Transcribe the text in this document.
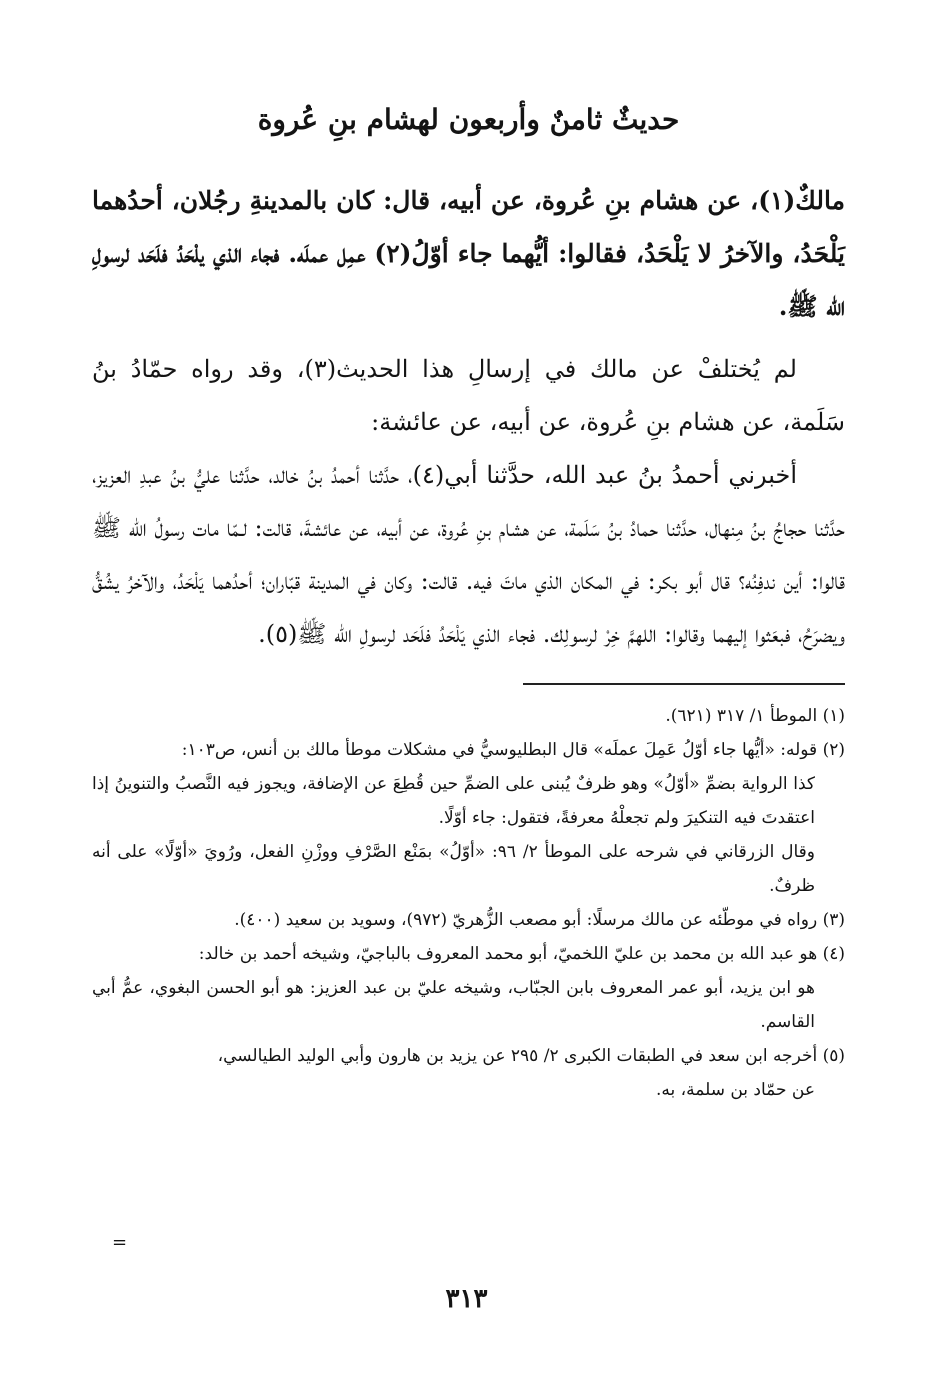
حديثٌ ثامنٌ وأربعون لهشام بنِ عُروة

مالكٌ(١)، عن هشام بنِ عُروة، عن أبيه، قال: كان بالمدينةِ رجُلان، أحدُهما يَلْحَدُ، والآخرُ لا يَلْحَدُ، فقالوا: أيُّهما جاء أوّلُ(٢) عمِل عملَه. فجاء الذي يلْحَدُ فلَحَد لرسولِ الله ﷺ.

لم يُختلفْ عن مالك في إرسالِ هذا الحديث(٣)، وقد رواه حمّادُ بنُ سَلَمة، عن هشام بنِ عُروة، عن أبيه، عن عائشة:

أخبرني أحمدُ بنُ عبد الله، حدَّثنا أبي(٤)، حدَّثنا أحمدُ بنُ خالد، حدَّثنا عليُّ بنُ عبدِ العزيز، حدَّثنا حجاجُ بنُ مِنهال، حدَّثنا حمادُ بنُ سَلَمة، عن هشام بنِ عُروة، عن أبيه، عن عائشةَ، قالت: لـمّا مات رسولُ الله ﷺ قالوا: أين ندفِنُه؟ قال أبو بكر: في المكان الذي ماتَ فيه. قالت: وكان في المدينة قبّاران؛ أحدُهما يَلْحَدُ، والآخرُ يشُقُّ ويضرَحُ، فبعَثوا إليهما وقالوا: اللهمَّ خِرْ لرسولِك. فجاء الذي يَلْحَدُ فلَحَد لرسولِ الله ﷺ(٥).

(١) الموطأ ١/ ٣١٧ (٦٢١).

(٢) قوله: «أيُّها جاء أوّلُ عَمِلَ عملَه» قال البطليوسيُّ في مشكلات موطأ مالك بن أنس، ص١٠٣:
كذا الرواية بضمِّ «أوّلُ» وهو ظرفٌ يُبنى على الضمِّ حين قُطِعَ عن الإضافة، ويجوز فيه النَّصبُ والتنوينُ إذا اعتقدتَ فيه التنكيرَ ولم تجعلْهُ معرفةً، فتقول: جاء أوّلًا.
وقال الزرقاني في شرحه على الموطأ ٢/ ٩٦: «أوّلُ» بمَنْع الصَّرْفِ ووزْنِ الفعل، ورُويَ «أوّلًا» على أنه ظرفٌ.

(٣) رواه في موطّئه عن مالك مرسلًا: أبو مصعب الزُّهريّ (٩٧٢)، وسويد بن سعيد (٤٠٠).

(٤) هو عبد الله بن محمد بن عليّ اللخميّ، أبو محمد المعروف بالباجيّ، وشيخه أحمد بن خالد:
هو ابن يزيد، أبو عمر المعروف بابن الجبّاب، وشيخه عليّ بن عبد العزيز: هو أبو الحسن البغوي، عمُّ أبي القاسم.

(٥) أخرجه ابن سعد في الطبقات الكبرى ٢/ ٢٩٥ عن يزيد بن هارون وأبي الوليد الطيالسي،
عن حمّاد بن سلمة، به.

=
٣١٣
